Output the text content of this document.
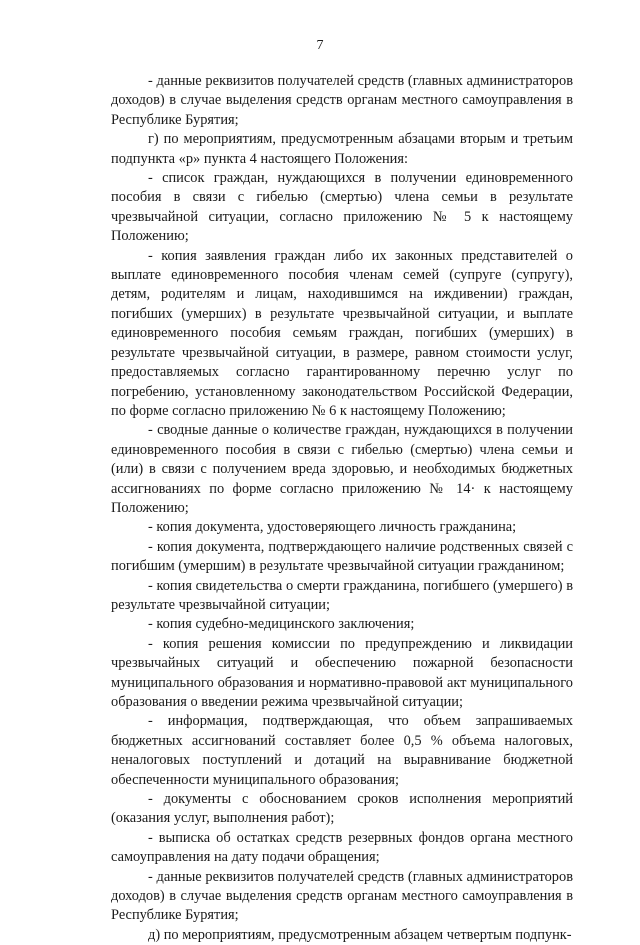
7

- данные реквизитов получателей средств (главных администраторов доходов) в случае выделения средств органам местного самоуправления в Республике Бурятия;

г) по мероприятиям, предусмотренным абзацами вторым и третьим подпункта «р» пункта 4 настоящего Положения:

- список граждан, нуждающихся в получении единовременного пособия в связи с гибелью (смертью) члена семьи в результате чрезвычайной ситуации, согласно приложению № 5 к настоящему Положению;

- копия заявления граждан либо их законных представителей о выплате единовременного пособия членам семей (супруге (супругу), детям, родителям и лицам, находившимся на иждивении) граждан, погибших (умерших) в результате чрезвычайной ситуации, и выплате единовременного пособия семьям граждан, погибших (умерших) в результате чрезвычайной ситуации, в размере, равном стоимости услуг, предоставляемых согласно гарантированному перечню услуг по погребению, установленному законодательством Российской Федерации, по форме согласно приложению № 6 к настоящему Положению;

- сводные данные о количестве граждан, нуждающихся в получении единовременного пособия в связи с гибелью (смертью) члена семьи и (или) в связи с получением вреда здоровью, и необходимых бюджетных ассигнованиях по форме согласно приложению № 14· к настоящему Положению;

- копия документа, удостоверяющего личность гражданина;

- копия документа, подтверждающего наличие родственных связей с погибшим (умершим) в результате чрезвычайной ситуации гражданином;

- копия свидетельства о смерти гражданина, погибшего (умершего) в результате чрезвычайной ситуации;

- копия судебно-медицинского заключения;

- копия решения комиссии по предупреждению и ликвидации чрезвычайных ситуаций и обеспечению пожарной безопасности муниципального образования и нормативно-правовой акт муниципального образования о введении режима чрезвычайной ситуации;

- информация, подтверждающая, что объем запрашиваемых бюджетных ассигнований составляет более 0,5 % объема налоговых, неналоговых поступлений и дотаций на выравнивание бюджетной обеспеченности муниципального образования;

- документы с обоснованием сроков исполнения мероприятий (оказания услуг, выполнения работ);

- выписка об остатках средств резервных фондов органа местного самоуправления на дату подачи обращения;

- данные реквизитов получателей средств (главных администраторов доходов) в случае выделения средств органам местного самоуправления в Республике Бурятия;

д) по мероприятиям, предусмотренным абзацем четвертым подпунк-
